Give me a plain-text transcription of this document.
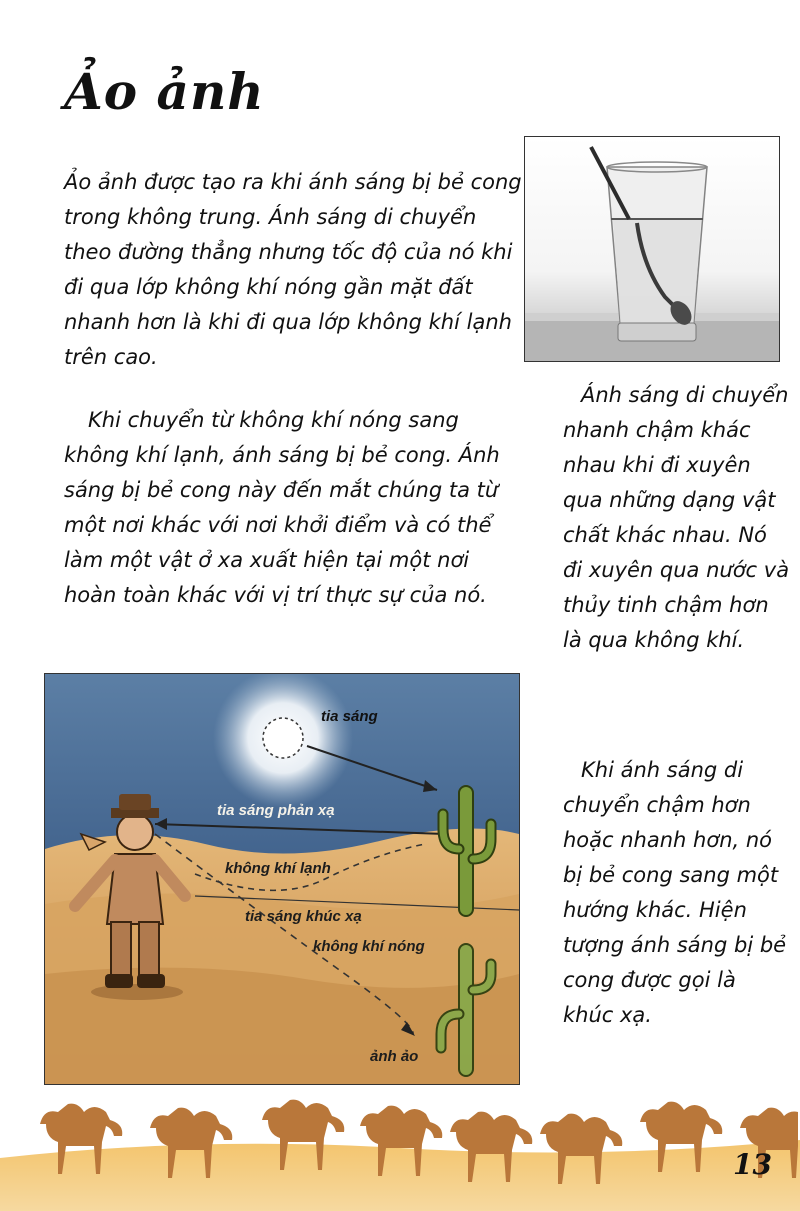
Ảo ảnh

Ảo ảnh được tạo ra khi ánh sáng bị bẻ cong trong không trung. Ánh sáng di chuyển theo đường thẳng nhưng tốc độ của nó khi đi qua lớp không khí nóng gần mặt đất nhanh hơn là khi đi qua lớp không khí lạnh trên cao.

Khi chuyển từ không khí nóng sang không khí lạnh, ánh sáng bị bẻ cong. Ánh sáng bị bẻ cong này đến mắt chúng ta từ một nơi khác với nơi khởi điểm và có thể làm một vật ở xa xuất hiện tại một nơi hoàn toàn khác với vị trí thực sự của nó.

Ánh sáng di chuyển nhanh chậm khác nhau khi đi xuyên qua những dạng vật chất khác nhau. Nó đi xuyên qua nước và thủy tinh chậm hơn là qua không khí.

Khi ánh sáng di chuyển chậm hơn hoặc nhanh hơn, nó bị bẻ cong sang một hướng khác. Hiện tượng ánh sáng bị bẻ cong được gọi là khúc xạ.

tia sáng
tia sáng phản xạ
không khí lạnh
tia sáng khúc xạ
không khí nóng
ảnh ảo

13
